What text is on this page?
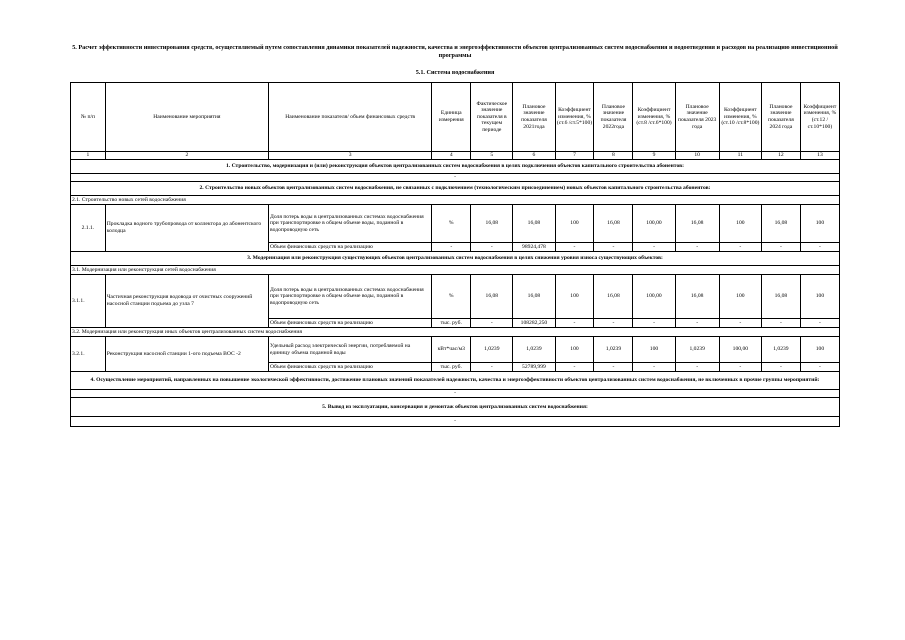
5. Расчет эффективности инвестирования средств, осуществляемый путем сопоставления динамики показателей надежности, качества и энергоэффективности объектов централизованных систем водоснабжения и водоотведения и расходов на реализацию инвестиционной программы
5.1. Система водоснабжения
№ п/п	Наименование мероприятия	Наименование показателя/ объем финансовых средств	Единица измерения	Фактическое значение показателя в текущем периоде	Плановое значение показателя 2021года	Коэффициент изменения, % (ст.6 /ст.5*100)	Плановое значение показателя 2022года	Коэффициент изменения, % (ст.8 /ст.6*100)	Плановое значение показателя 2023 года	Коэффициент изменения, % (ст.10 /ст.8*100)	Плановое значение показателя 2024 года	Коэффициент изменения, % (ст.12 /ст.10*100)
1	2	3	4	5	6	7	8	9	10	11	12	13
1. Строительство, модернизация и (или) реконструкция объектов централизованных систем водоснабжения в целях подключения объектов капитального строительства абонентов:												
-												
2. Строительство новых объектов централизованных систем водоснабжения, не связанных с подключением (технологическим присоединением) новых объектов капитального строительства абонентов:												
2.1. Строительство новых сетей водоснабжения												
2.1.1.	Прокладка водного трубопровода от коллектора до абонентского колодца	Доля потерь воды в централизованных системах водоснабжения при транспортировке в общем объеме воды, поданной в водопроводную сеть	%	16,08	16,08	100	16,08	100,00	16,08	100	16,08	100
		Объем финансовых средств на реализацию	-	-	98924,478	-	-	-	-	-	-	-
3. Модернизация или реконструкция существующих объектов централизованных систем водоснабжения в целях снижения уровня износа существующих объектов:												
3.1. Модернизация или реконструкция сетей водоснабжения												
3.1.1.	Частичная реконструкция водовода от очистных сооружений насосной станции подъема до узла 7	Доля потерь воды в централизованных системах водоснабжения при транспортировке в общем объеме воды, поданной в водопроводную сеть	%	16,08	16,08	100	16,08	100,00	16,08	100	16,08	100
		Объем финансовых средств на реализацию	тыс. руб.	-	108282,250	-	-	-	-	-	-	-
3.2. Модернизация или реконструкция иных объектов централизованных систем водоснабжения												
3.2.1.	Реконструкция насосной станции 1-ого подъема ВОС -2	Удельный расход электрической энергии, потребляемой на единицу объема поданной воды	кВт*час/м3	1,0239	1,0239	100	1,0239	100	1,0239	100,00	1,0239	100
		Объем финансовых средств на реализацию	тыс. руб.	-	52789,999	-	-	-	-	-	-	-
4. Осуществление мероприятий, направленных на повышение экологической эффективности, достижение плановых значений показателей надежности, качества и энергоэффективности объектов централизованных систем водоснабжения, не включенных в прочие группы мероприятий:												
-												
5. Вывод из эксплуатации, консервация и демонтаж объектов централизованных систем водоснабжения:												
-												
